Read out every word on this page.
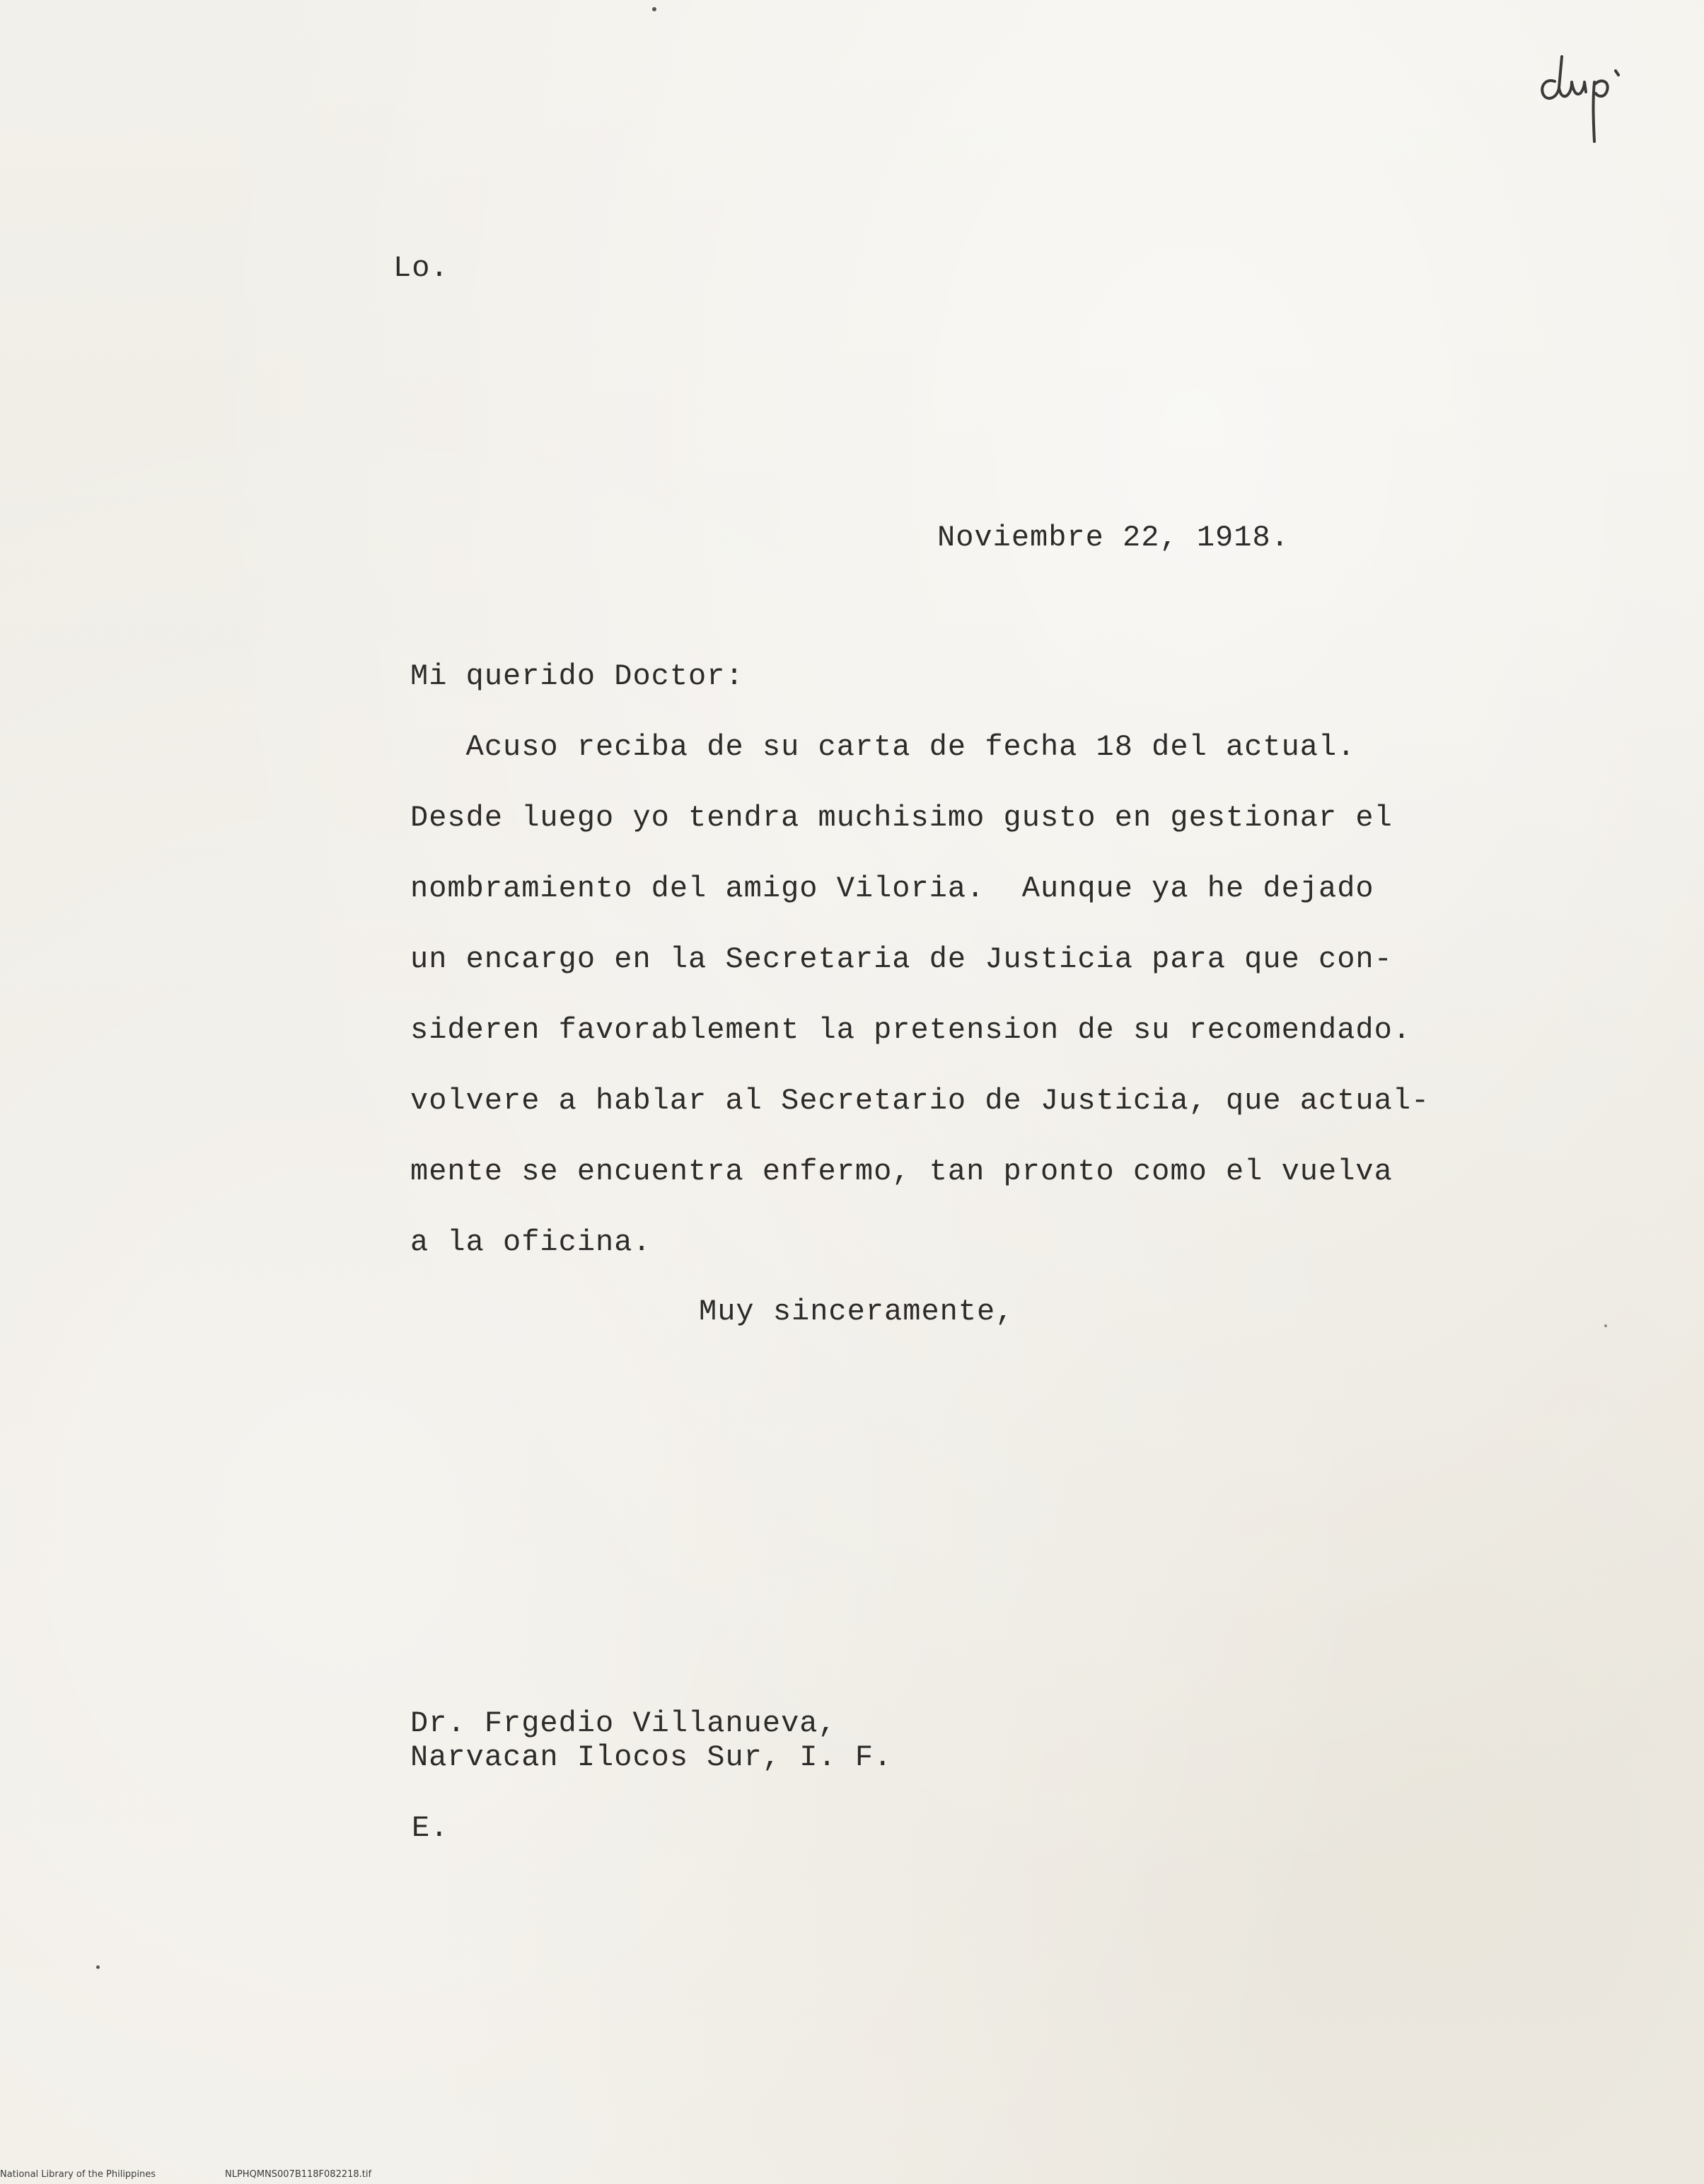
Lo.
Noviembre 22, 1918.
Mi querido Doctor:
Acuso reciba de su carta de fecha 18 del actual.
Desde luego yo tendra muchisimo gusto en gestionar el
nombramiento del amigo Viloria.  Aunque ya he dejado
un encargo en la Secretaria de Justicia para que con-
sideren favorablement la pretension de su recomendado.
volvere a hablar al Secretario de Justicia, que actual-
mente se encuentra enfermo, tan pronto como el vuelva
a la oficina.
Muy sinceramente,
Dr. Frgedio Villanueva,
Narvacan Ilocos Sur, I. F.
E.
National Library of the Philippines	NLPHQMNS007B118F082218.tif
